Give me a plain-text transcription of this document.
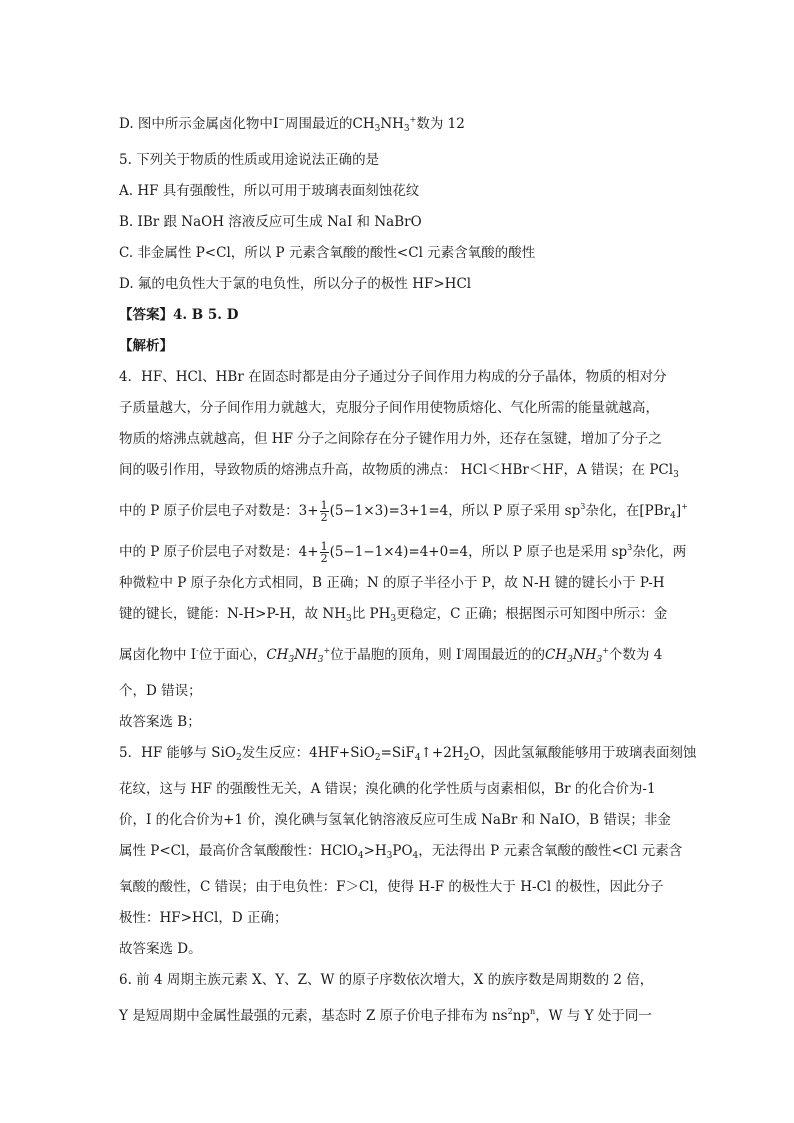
D. 图中所示金属卤化物中I−周围最近的$CH_3NH_3^+$数为 12
5. 下列关于物质的性质或用途说法正确的是
A. HF 具有强酸性，所以可用于玻璃表面刻蚀花纹
B. IBr 跟 NaOH 溶液反应可生成 NaI 和 NaBrO
C. 非金属性 P<Cl，所以 P 元素含氧酸的酸性<Cl 元素含氧酸的酸性
D. 氟的电负性大于氯的电负性，所以分子的极性 HF>HCl
【答案】4. B 5. D
【解析】
4．HF、HCl、HBr 在固态时都是由分子通过分子间作用力构成的分子晶体，物质的相对分
子质量越大，分子间作用力就越大，克服分子间作用使物质熔化、气化所需的能量就越高，
物质的熔沸点就越高，但 HF 分子之间除存在分子键作用力外，还存在氢键，增加了分子之
间的吸引作用，导致物质的熔沸点升高，故物质的沸点： HCl＜HBr＜HF，A 错误；在 PCl$_3$
中的 P 原子价层电子对数是：$3+ \frac{1}{2} (5-1\times 3)=3+1=4$，所以 P 原子采用 $sp^3$杂化，在[PBr$_4$]+
中的 P 原子价层电子对数是：$4+ \frac{1}{2} (5-1-1\times 4)=4+0=4$，所以 P 原子也是采用 $sp^3$杂化，两
种微粒中 P 原子杂化方式相同，B 正确；N 的原子半径小于 P，故 N-H 键的键长小于 P-H
键的键长，键能：N-H>P-H，故 $NH_3$比 $PH_3$更稳定，C 正确；根据图示可知图中所示：金
属卤化物中 I-位于面心，$CH_3NH_3^+$位于晶胞的顶角，则 I-周围最近的的$CH_3NH_3^+$个数为 4
个，D 错误；
故答案选 B；
5．HF 能够与 SiO$_2$发生反应：$4HF+SiO_2=SiF_4↑+2H_2O$，因此氢氟酸能够用于玻璃表面刻蚀
花纹，这与 HF 的强酸性无关，A 错误；溴化碘的化学性质与卤素相似，Br 的化合价为-1
价，I 的化合价为+1 价，溴化碘与氢氧化钠溶液反应可生成 NaBr 和 NaIO，B 错误；非金
属性 P<Cl，最高价含氧酸酸性：$HClO_4>H_3PO_4$，无法得出 P 元素含氧酸的酸性<Cl 元素含
氧酸的酸性，C 错误；由于电负性：F＞Cl，使得 H-F 的极性大于 H-Cl 的极性，因此分子
极性：HF>HCl，D 正确；
故答案选 D。
6. 前 4 周期主族元素 X、Y、Z、W 的原子序数依次增大，X 的族序数是周期数的 2 倍，
Y 是短周期中金属性最强的元素，基态时 Z 原子价电子排布为 $ns^2np^n$，W 与 Y 处于同一
